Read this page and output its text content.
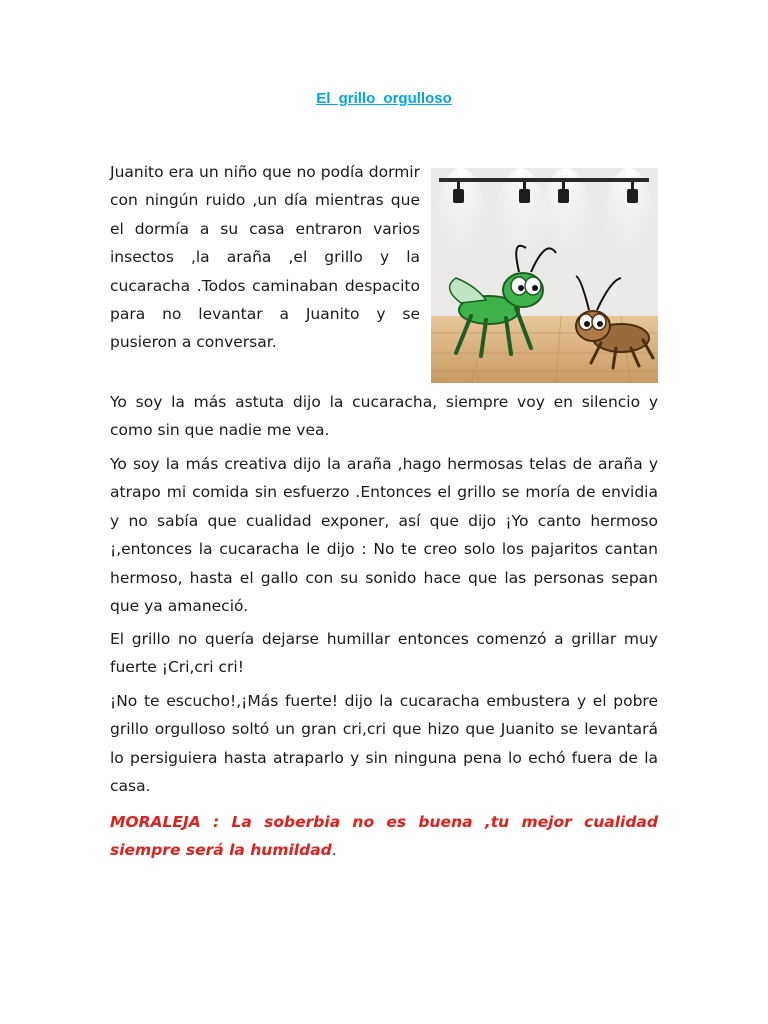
El grillo orgulloso

Juanito era un niño que no podía dormir con ningún ruido ,un día mientras que el dormía a su casa entraron varios insectos ,la araña ,el grillo y la cucaracha .Todos caminaban despacito para no levantar a Juanito y se pusieron a conversar.

Yo soy la más astuta dijo la cucaracha, siempre voy en silencio y como sin que nadie me vea.

Yo soy la más creativa dijo la araña ,hago hermosas telas de araña y atrapo mi comida sin esfuerzo .Entonces el grillo se moría de envidia y no sabía que cualidad exponer, así que dijo ¡Yo canto hermoso ¡,entonces la cucaracha le dijo : No te creo solo los pajaritos cantan hermoso, hasta el gallo con su sonido hace que las personas sepan que ya amaneció.

El grillo no quería dejarse humillar entonces comenzó a grillar muy fuerte ¡Cri,cri cri!

¡No te escucho!,¡Más fuerte! dijo la cucaracha embustera y el pobre grillo orgulloso soltó un gran cri,cri que hizo que Juanito se levantará lo persiguiera hasta atraparlo y sin ninguna pena lo echó fuera de la casa.

MORALEJA : La soberbia no es buena ,tu mejor cualidad siempre será la humildad.
